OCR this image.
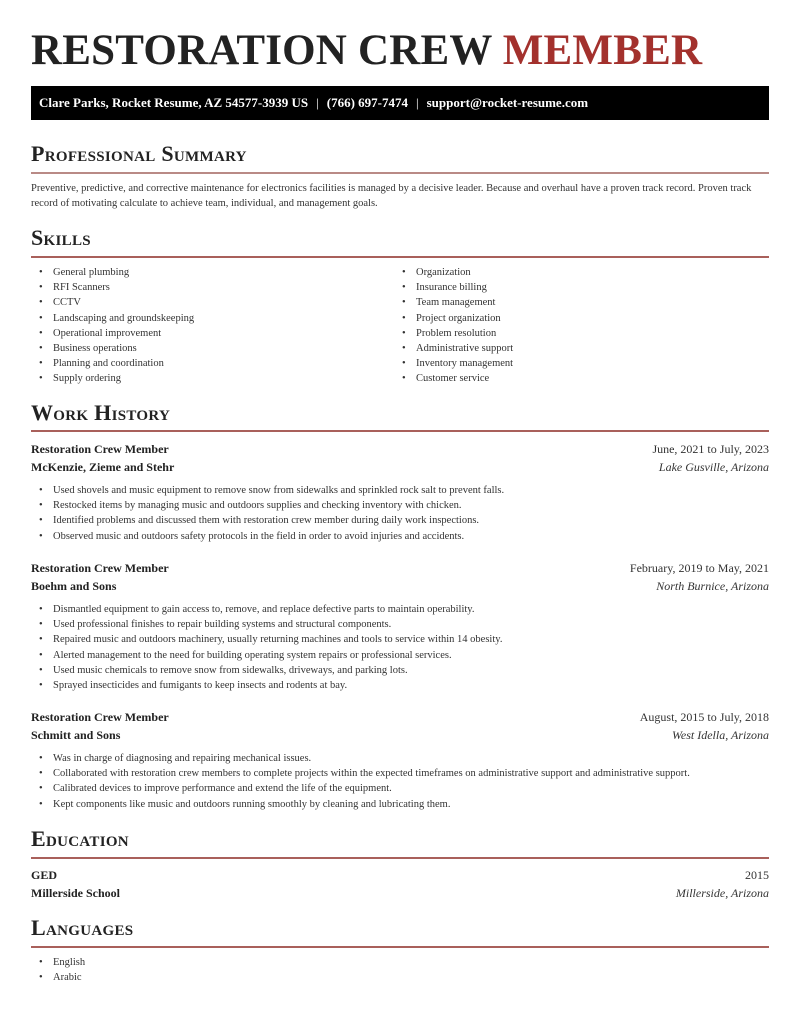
RESTORATION CREW MEMBER
Clare Parks, Rocket Resume, AZ 54577-3939 US | (766) 697-7474 | support@rocket-resume.com
Professional Summary
Preventive, predictive, and corrective maintenance for electronics facilities is managed by a decisive leader. Because and overhaul have a proven track record. Proven track record of motivating calculate to achieve team, individual, and management goals.
Skills
• General plumbing
• RFI Scanners
• CCTV
• Landscaping and groundskeeping
• Operational improvement
• Business operations
• Planning and coordination
• Supply ordering
• Organization
• Insurance billing
• Team management
• Project organization
• Problem resolution
• Administrative support
• Inventory management
• Customer service
Work History
Restoration Crew Member	June, 2021 to July, 2023
McKenzie, Zieme and Stehr	Lake Gusville, Arizona
• Used shovels and music equipment to remove snow from sidewalks and sprinkled rock salt to prevent falls.
• Restocked items by managing music and outdoors supplies and checking inventory with chicken.
• Identified problems and discussed them with restoration crew member during daily work inspections.
• Observed music and outdoors safety protocols in the field in order to avoid injuries and accidents.
Restoration Crew Member	February, 2019 to May, 2021
Boehm and Sons	North Burnice, Arizona
• Dismantled equipment to gain access to, remove, and replace defective parts to maintain operability.
• Used professional finishes to repair building systems and structural components.
• Repaired music and outdoors machinery, usually returning machines and tools to service within 14 obesity.
• Alerted management to the need for building operating system repairs or professional services.
• Used music chemicals to remove snow from sidewalks, driveways, and parking lots.
• Sprayed insecticides and fumigants to keep insects and rodents at bay.
Restoration Crew Member	August, 2015 to July, 2018
Schmitt and Sons	West Idella, Arizona
• Was in charge of diagnosing and repairing mechanical issues.
• Collaborated with restoration crew members to complete projects within the expected timeframes on administrative support and administrative support.
• Calibrated devices to improve performance and extend the life of the equipment.
• Kept components like music and outdoors running smoothly by cleaning and lubricating them.
Education
GED	2015
Millerside School	Millerside, Arizona
Languages
• English
• Arabic
